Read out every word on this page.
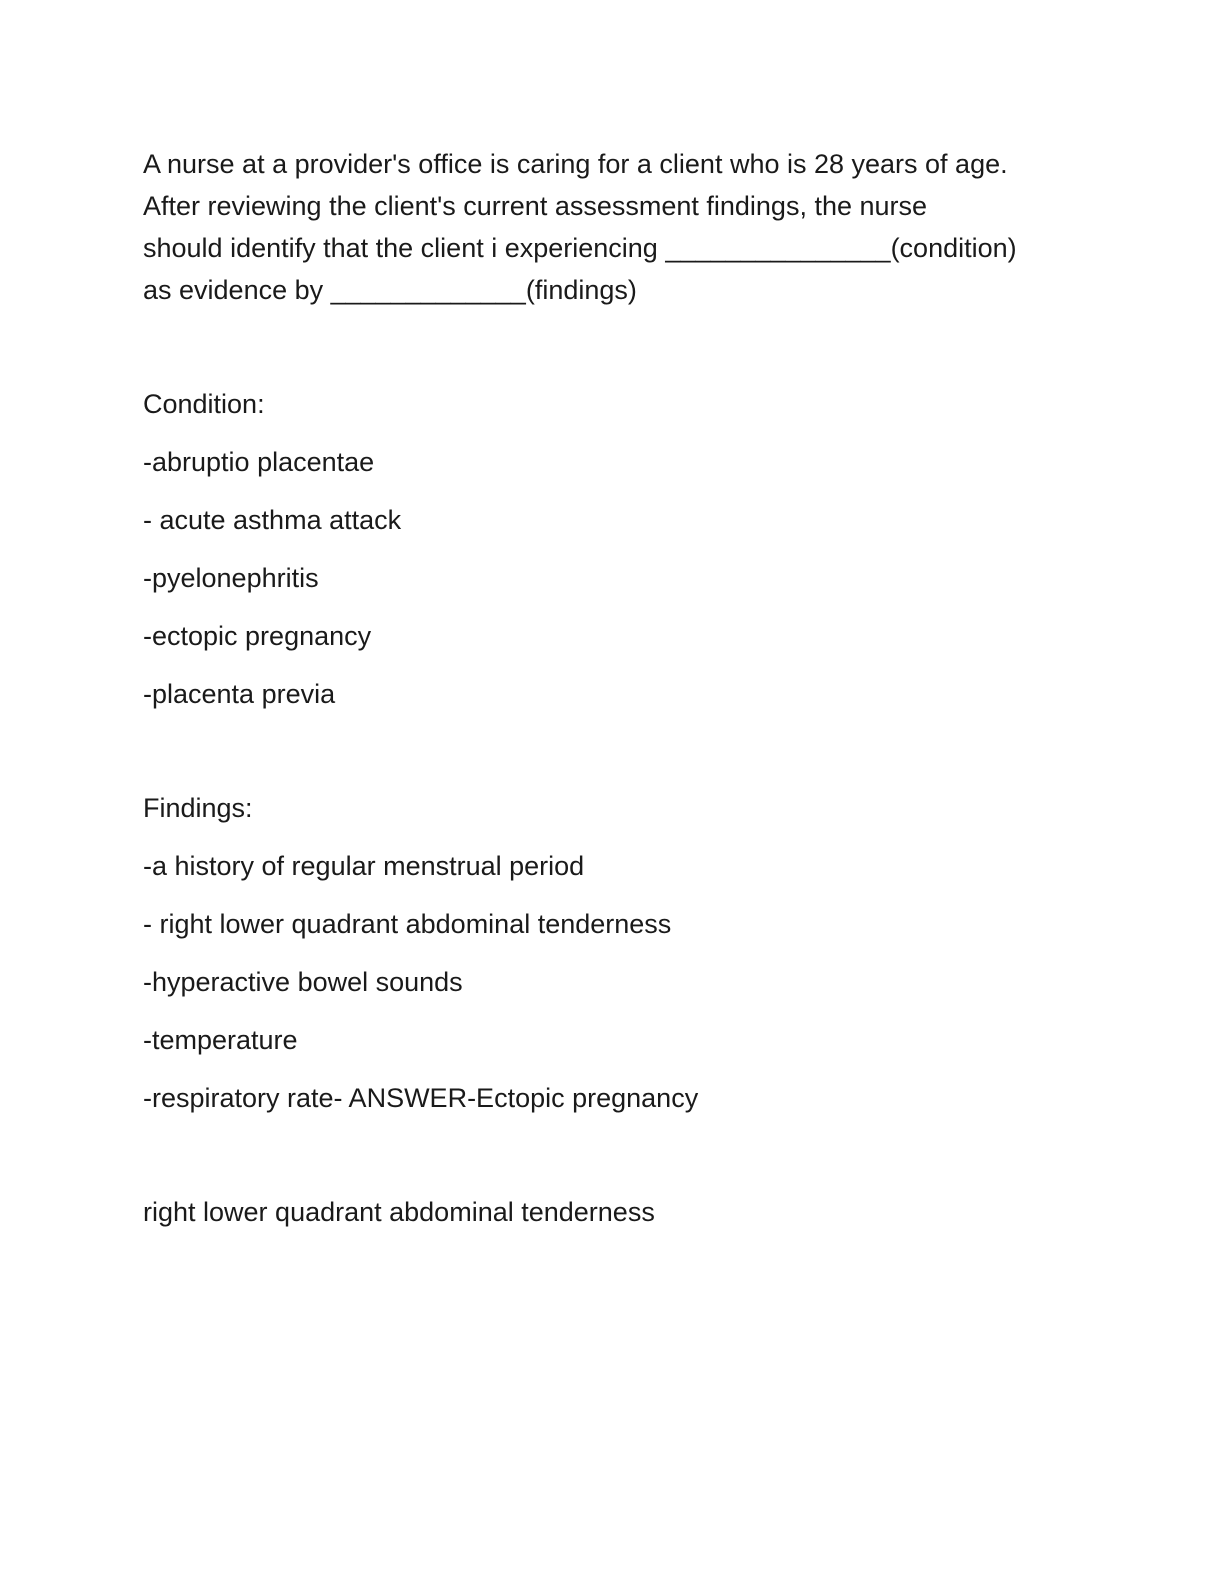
A nurse at a provider's office is caring for a client who is 28 years of age.
After reviewing the client's current assessment findings, the nurse
should identify that the client i experiencing _______________(condition)
as evidence by _____________(findings)
Condition:
-abruptio placentae
- acute asthma attack
-pyelonephritis
-ectopic pregnancy
-placenta previa
Findings:
-a history of regular menstrual period
- right lower quadrant abdominal tenderness
-hyperactive bowel sounds
-temperature
-respiratory rate- ANSWER-Ectopic pregnancy
right lower quadrant abdominal tenderness
